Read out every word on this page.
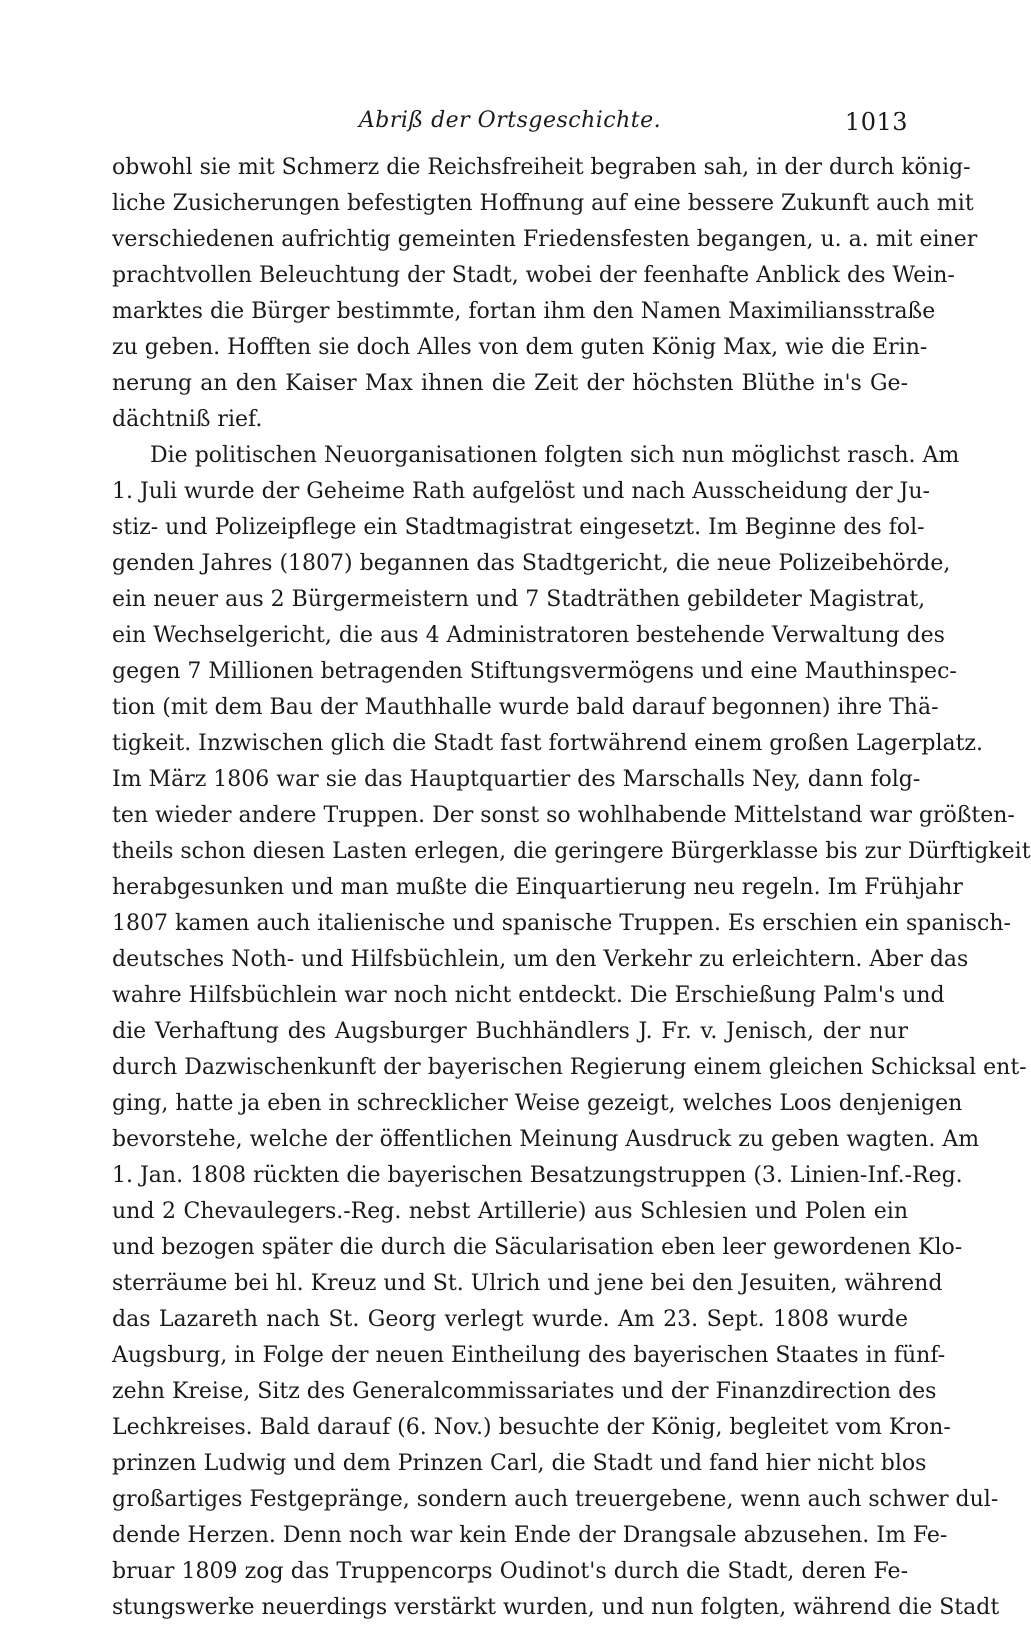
Abriß der Ortsgeschichte.	1013
obwohl sie mit Schmerz die Reichsfreiheit begraben sah, in der durch könig-
liche Zusicherungen befestigten Hoffnung auf eine bessere Zukunft auch mit
verschiedenen aufrichtig gemeinten Friedensfesten begangen, u. a. mit einer
prachtvollen Beleuchtung der Stadt, wobei der feenhafte Anblick des Wein-
marktes die Bürger bestimmte, fortan ihm den Namen Maximiliansstraße
zu geben. Hofften sie doch Alles von dem guten König Max, wie die Erin-
nerung an den Kaiser Max ihnen die Zeit der höchsten Blüthe in's Ge-
dächtniß rief.
Die politischen Neuorganisationen folgten sich nun möglichst rasch. Am
1. Juli wurde der Geheime Rath aufgelöst und nach Ausscheidung der Ju-
stiz- und Polizeipflege ein Stadtmagistrat eingesetzt. Im Beginne des fol-
genden Jahres (1807) begannen das Stadtgericht, die neue Polizeibehörde,
ein neuer aus 2 Bürgermeistern und 7 Stadträthen gebildeter Magistrat,
ein Wechselgericht, die aus 4 Administratoren bestehende Verwaltung des
gegen 7 Millionen betragenden Stiftungsvermögens und eine Mauthinspec-
tion (mit dem Bau der Mauthhalle wurde bald darauf begonnen) ihre Thä-
tigkeit. Inzwischen glich die Stadt fast fortwährend einem großen Lagerplatz.
Im März 1806 war sie das Hauptquartier des Marschalls Ney, dann folg-
ten wieder andere Truppen. Der sonst so wohlhabende Mittelstand war größten-
theils schon diesen Lasten erlegen, die geringere Bürgerklasse bis zur Dürftigkeit
herabgesunken und man mußte die Einquartierung neu regeln. Im Frühjahr
1807 kamen auch italienische und spanische Truppen. Es erschien ein spanisch-
deutsches Noth- und Hilfsbüchlein, um den Verkehr zu erleichtern. Aber das
wahre Hilfsbüchlein war noch nicht entdeckt. Die Erschießung Palm's und
die Verhaftung des Augsburger Buchhändlers J. Fr. v. Jenisch, der nur
durch Dazwischenkunft der bayerischen Regierung einem gleichen Schicksal ent-
ging, hatte ja eben in schrecklicher Weise gezeigt, welches Loos denjenigen
bevorstehe, welche der öffentlichen Meinung Ausdruck zu geben wagten. Am
1. Jan. 1808 rückten die bayerischen Besatzungstruppen (3. Linien-Inf.-Reg.
und 2 Chevaulegers.-Reg. nebst Artillerie) aus Schlesien und Polen ein
und bezogen später die durch die Säcularisation eben leer gewordenen Klo-
sterräume bei hl. Kreuz und St. Ulrich und jene bei den Jesuiten, während
das Lazareth nach St. Georg verlegt wurde. Am 23. Sept. 1808 wurde
Augsburg, in Folge der neuen Eintheilung des bayerischen Staates in fünf-
zehn Kreise, Sitz des Generalcommissariates und der Finanzdirection des
Lechkreises. Bald darauf (6. Nov.) besuchte der König, begleitet vom Kron-
prinzen Ludwig und dem Prinzen Carl, die Stadt und fand hier nicht blos
großartiges Festgepränge, sondern auch treuergebene, wenn auch schwer dul-
dende Herzen. Denn noch war kein Ende der Drangsale abzusehen. Im Fe-
bruar 1809 zog das Truppencorps Oudinot's durch die Stadt, deren Fe-
stungswerke neuerdings verstärkt wurden, und nun folgten, während die Stadt
